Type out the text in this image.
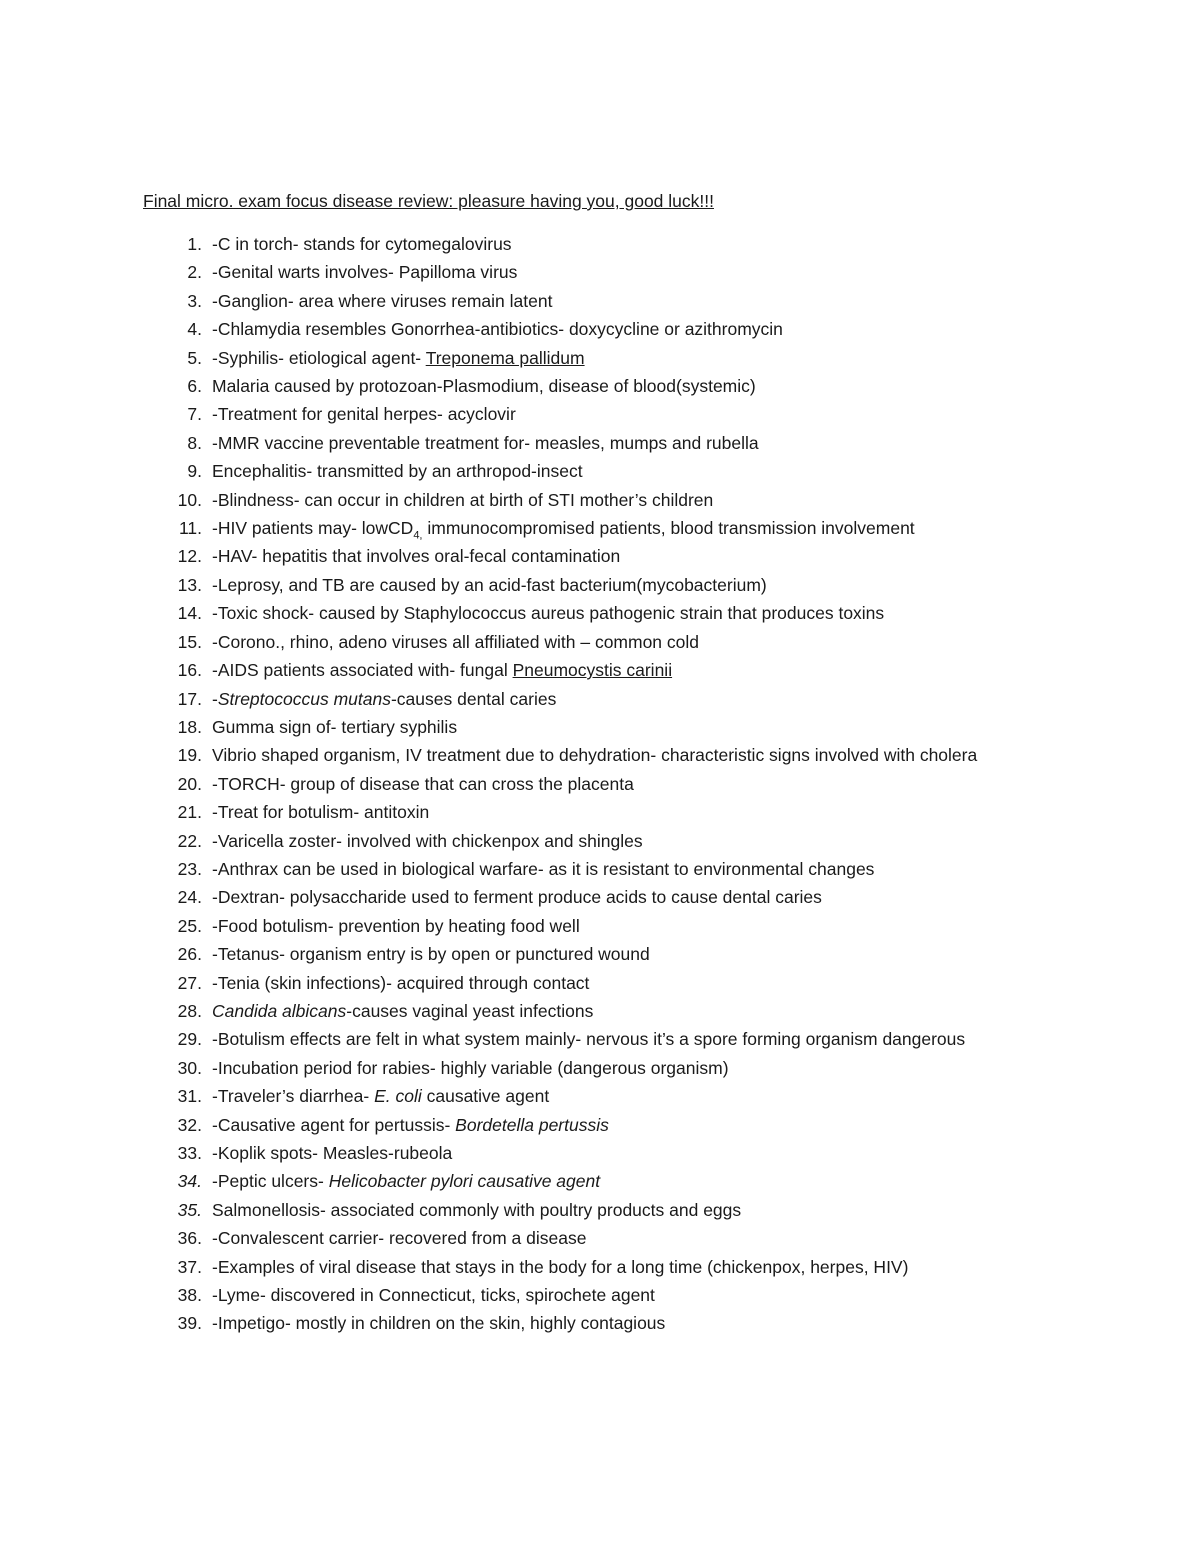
Final micro. exam focus disease review: pleasure having you, good luck!!!
1. -C in torch- stands for cytomegalovirus
2. -Genital warts involves- Papilloma virus
3. -Ganglion- area where viruses remain latent
4. -Chlamydia resembles Gonorrhea-antibiotics- doxycycline or azithromycin
5. -Syphilis- etiological agent- Treponema pallidum
6. Malaria caused by protozoan-Plasmodium, disease of blood(systemic)
7. -Treatment for genital herpes- acyclovir
8. -MMR vaccine preventable treatment for- measles, mumps and rubella
9. Encephalitis- transmitted by an arthropod-insect
10. -Blindness- can occur in children at birth of STI mother’s children
11. -HIV patients may- lowCD$_{4,}$ immunocompromised patients, blood transmission involvement
12. -HAV- hepatitis that involves oral-fecal contamination
13. -Leprosy, and TB are caused by an acid-fast bacterium(mycobacterium)
14. -Toxic shock- caused by Staphylococcus aureus pathogenic strain that produces toxins
15. -Corono., rhino, adeno viruses all affiliated with – common cold
16. -AIDS patients associated with- fungal Pneumocystis carinii
17. -Streptococcus mutans-causes dental caries
18. Gumma sign of- tertiary syphilis
19. Vibrio shaped organism, IV treatment due to dehydration- characteristic signs involved with cholera
20. -TORCH- group of disease that can cross the placenta
21. -Treat for botulism- antitoxin
22. -Varicella zoster- involved with chickenpox and shingles
23. -Anthrax can be used in biological warfare- as it is resistant to environmental changes
24. -Dextran- polysaccharide used to ferment produce acids to cause dental caries
25. -Food botulism- prevention by heating food well
26. -Tetanus- organism entry is by open or punctured wound
27. -Tenia (skin infections)- acquired through contact
28. Candida albicans-causes vaginal yeast infections
29. -Botulism effects are felt in what system mainly- nervous it’s a spore forming organism dangerous
30. -Incubation period for rabies- highly variable (dangerous organism)
31. -Traveler’s diarrhea- E. coli causative agent
32. -Causative agent for pertussis- Bordetella pertussis
33. -Koplik spots- Measles-rubeola
34. -Peptic ulcers- Helicobacter pylori causative agent
35. Salmonellosis- associated commonly with poultry products and eggs
36. -Convalescent carrier- recovered from a disease
37. -Examples of viral disease that stays in the body for a long time (chickenpox, herpes, HIV)
38. -Lyme- discovered in Connecticut, ticks, spirochete agent
39. -Impetigo- mostly in children on the skin, highly contagious
